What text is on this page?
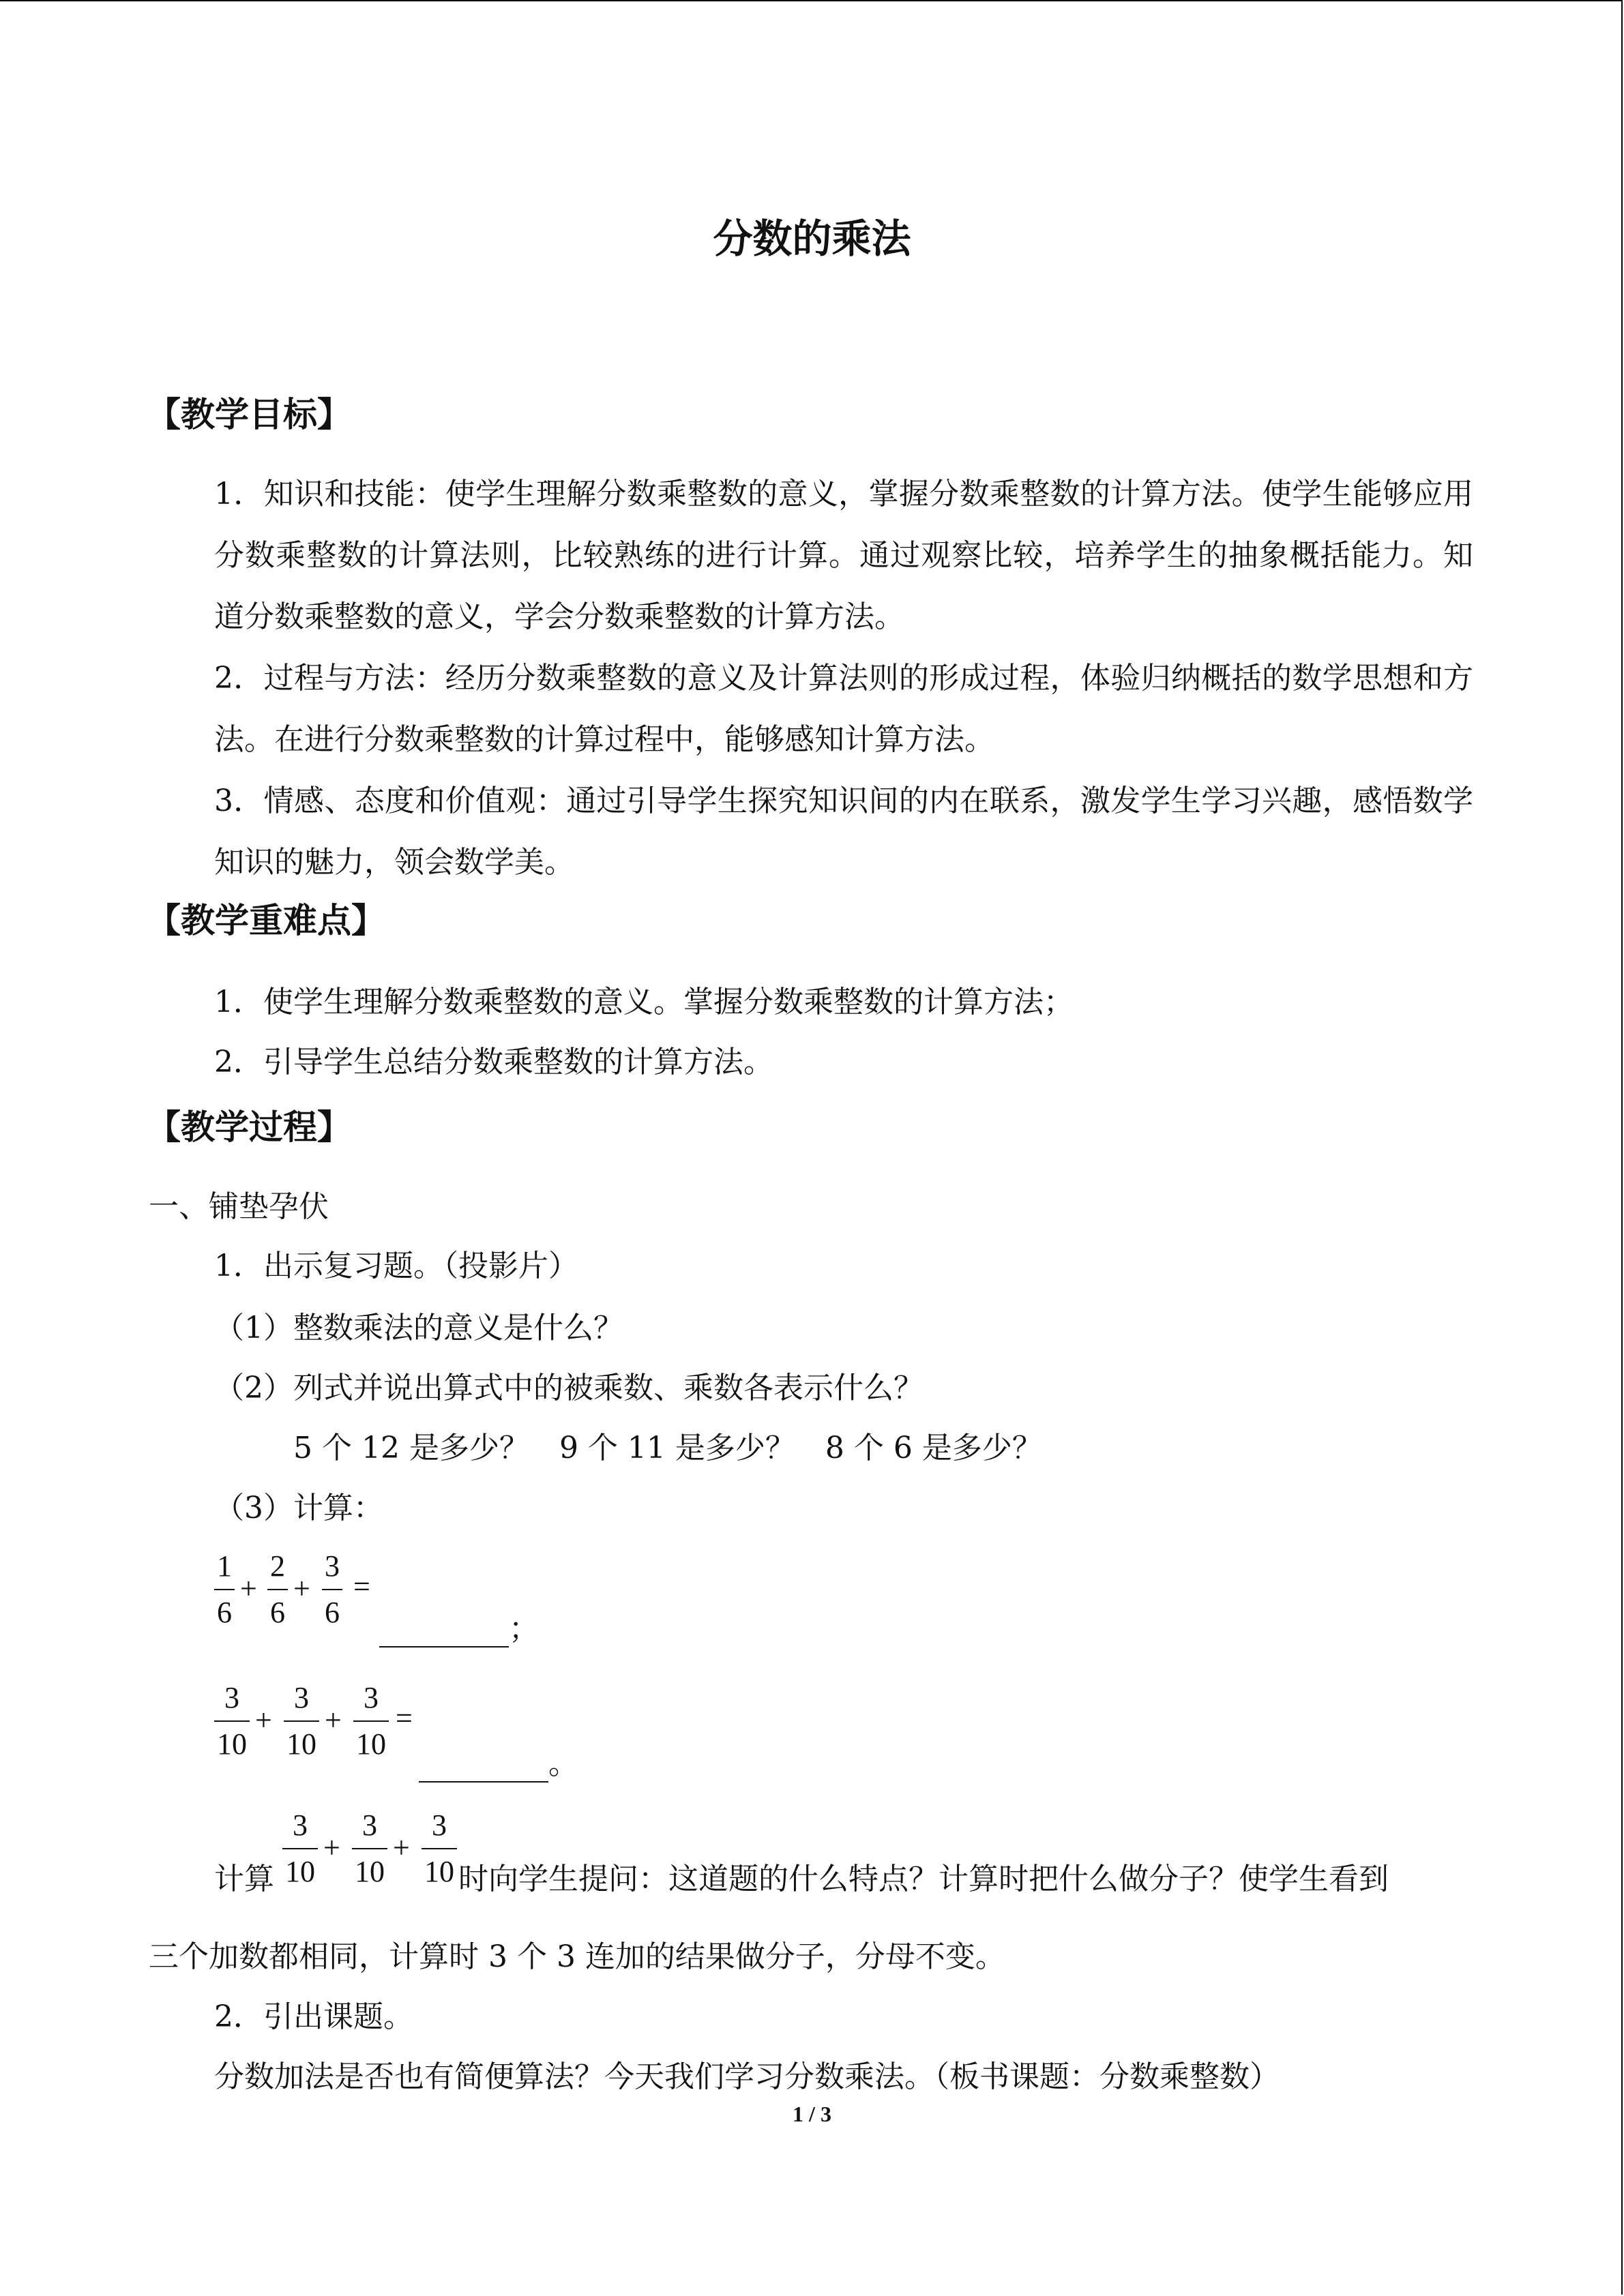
分数的乘法
【教学目标】
1．知识和技能：使学生理解分数乘整数的意义，掌握分数乘整数的计算方法。使学生能够应用分数乘整数的计算法则，比较熟练的进行计算。通过观察比较，培养学生的抽象概括能力。知道分数乘整数的意义，学会分数乘整数的计算方法。
2．过程与方法：经历分数乘整数的意义及计算法则的形成过程，体验归纳概括的数学思想和方法。在进行分数乘整数的计算过程中，能够感知计算方法。
3．情感、态度和价值观：通过引导学生探究知识间的内在联系，激发学生学习兴趣，感悟数学知识的魅力，领会数学美。
【教学重难点】
1．使学生理解分数乘整数的意义。掌握分数乘整数的计算方法；
2．引导学生总结分数乘整数的计算方法。
【教学过程】
一、铺垫孕伏
1．出示复习题。（投影片）
（1）整数乘法的意义是什么？
（2）列式并说出算式中的被乘数、乘数各表示什么？
5 个 12 是多少？　9 个 11 是多少？　8 个 6 是多少？
（3）计算：
1
6
+
2
6
+
3
6
=
；
3
10
+
3
10
+
3
10
=
。
计算
3
10
+
3
10
+
3
10 时向学生提问：这道题的什么特点？计算时把什么做分子？使学生看到
三个加数都相同，计算时 3 个 3 连加的结果做分子，分母不变。
2．引出课题。
分数加法是否也有简便算法？今天我们学习分数乘法。（板书课题：分数乘整数）
1 / 3
